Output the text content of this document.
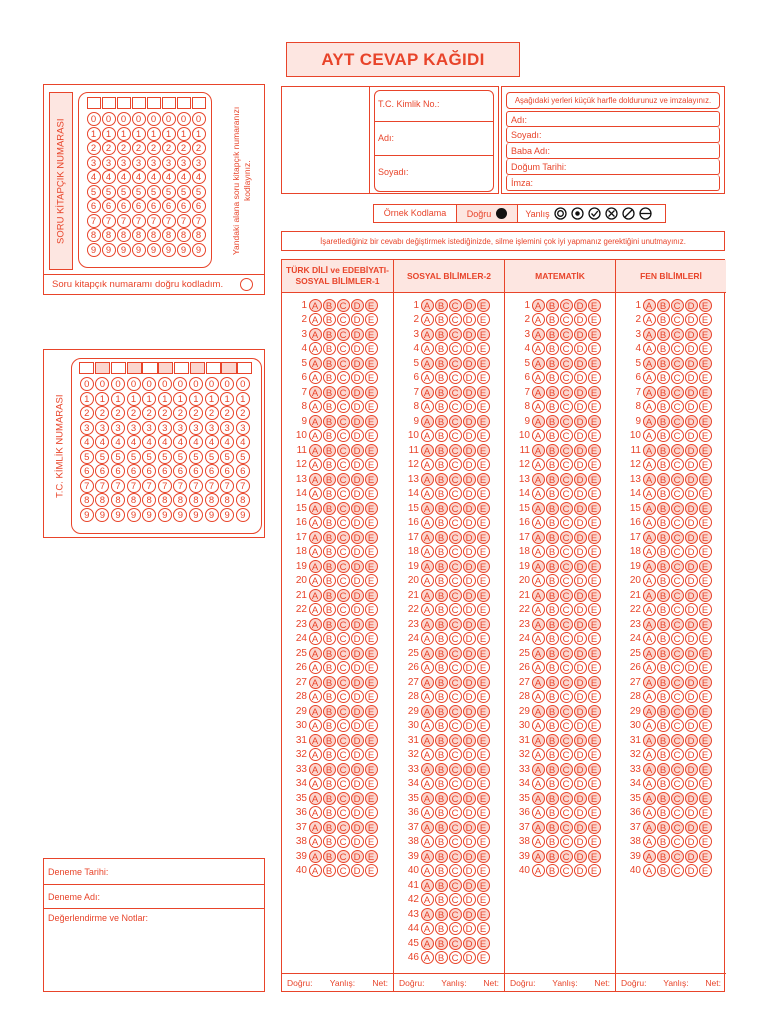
AYT CEVAP KAĞIDI
SORU KİTAPÇIK NUMARASI	0	0	0	0	0	0	0	0
1	1	1	1	1	1	1	1
2	2	2	2	2	2	2	2
3	3	3	3	3	3	3	3
4	4	4	4	4	4	4	4
5	5	5	5	5	5	5	5
6	6	6	6	6	6	6	6
7	7	7	7	7	7	7	7
8	8	8	8	8	8	8	8
9	9	9	9	9	9	9	9	Yandaki alana soru kitapçık numaranızı kodlayınız.
Soru kitapçık numaramı doğru kodladım.
T.C. KİMLİK NUMARASI
0	0	0	0	0	0	0	0	0	0	0
1	1	1	1	1	1	1	1	1	1	1
2	2	2	2	2	2	2	2	2	2	2
3	3	3	3	3	3	3	3	3	3	3
4	4	4	4	4	4	4	4	4	4	4
5	5	5	5	5	5	5	5	5	5	5
6	6	6	6	6	6	6	6	6	6	6
7	7	7	7	7	7	7	7	7	7	7
8	8	8	8	8	8	8	8	8	8	8
9	9	9	9	9	9	9	9	9	9	9
T.C. Kimlik No.:
Adı:
Soyadı:
Aşağıdaki yerleri küçük harfle doldurunuz ve imzalayınız.
Adı:
Soyadı:
Baba Adı:
Doğum Tarihi:
İmza:
Örnek Kodlama	Doğru	Yanlış
İşaretlediğiniz bir cevabı değiştirmek istediğinizde, silme işlemini çok iyi yapmanız gerektiğini unutmayınız.
TÜRK DİLİ ve EDEBİYATI-
SOSYAL BİLİMLER-1
1 A B C D E
2 A B C D E
3 A B C D E
4 A B C D E
5 A B C D E
6 A B C D E
7 A B C D E
8 A B C D E
9 A B C D E
10 A B C D E
11 A B C D E
12 A B C D E
13 A B C D E
14 A B C D E
15 A B C D E
16 A B C D E
17 A B C D E
18 A B C D E
19 A B C D E
20 A B C D E
21 A B C D E
22 A B C D E
23 A B C D E
24 A B C D E
25 A B C D E
26 A B C D E
27 A B C D E
28 A B C D E
29 A B C D E
30 A B C D E
31 A B C D E
32 A B C D E
33 A B C D E
34 A B C D E
35 A B C D E
36 A B C D E
37 A B C D E
38 A B C D E
39 A B C D E
40 A B C D E
Doğru: Yanlış: Net:
SOSYAL BİLİMLER-2
1 A B C D E
2 A B C D E
3 A B C D E
4 A B C D E
5 A B C D E
6 A B C D E
7 A B C D E
8 A B C D E
9 A B C D E
10 A B C D E
11 A B C D E
12 A B C D E
13 A B C D E
14 A B C D E
15 A B C D E
16 A B C D E
17 A B C D E
18 A B C D E
19 A B C D E
20 A B C D E
21 A B C D E
22 A B C D E
23 A B C D E
24 A B C D E
25 A B C D E
26 A B C D E
27 A B C D E
28 A B C D E
29 A B C D E
30 A B C D E
31 A B C D E
32 A B C D E
33 A B C D E
34 A B C D E
35 A B C D E
36 A B C D E
37 A B C D E
38 A B C D E
39 A B C D E
40 A B C D E
41 A B C D E
42 A B C D E
43 A B C D E
44 A B C D E
45 A B C D E
46 A B C D E
Doğru: Yanlış: Net:
MATEMATİK
1 A B C D E
2 A B C D E
3 A B C D E
4 A B C D E
5 A B C D E
6 A B C D E
7 A B C D E
8 A B C D E
9 A B C D E
10 A B C D E
11 A B C D E
12 A B C D E
13 A B C D E
14 A B C D E
15 A B C D E
16 A B C D E
17 A B C D E
18 A B C D E
19 A B C D E
20 A B C D E
21 A B C D E
22 A B C D E
23 A B C D E
24 A B C D E
25 A B C D E
26 A B C D E
27 A B C D E
28 A B C D E
29 A B C D E
30 A B C D E
31 A B C D E
32 A B C D E
33 A B C D E
34 A B C D E
35 A B C D E
36 A B C D E
37 A B C D E
38 A B C D E
39 A B C D E
40 A B C D E
Doğru: Yanlış: Net:
FEN BİLİMLERİ
1 A B C D E
2 A B C D E
3 A B C D E
4 A B C D E
5 A B C D E
6 A B C D E
7 A B C D E
8 A B C D E
9 A B C D E
10 A B C D E
11 A B C D E
12 A B C D E
13 A B C D E
14 A B C D E
15 A B C D E
16 A B C D E
17 A B C D E
18 A B C D E
19 A B C D E
20 A B C D E
21 A B C D E
22 A B C D E
23 A B C D E
24 A B C D E
25 A B C D E
26 A B C D E
27 A B C D E
28 A B C D E
29 A B C D E
30 A B C D E
31 A B C D E
32 A B C D E
33 A B C D E
34 A B C D E
35 A B C D E
36 A B C D E
37 A B C D E
38 A B C D E
39 A B C D E
40 A B C D E
Doğru: Yanlış: Net:
Deneme Tarihi:
Deneme Adı:
Değerlendirme ve Notlar:
